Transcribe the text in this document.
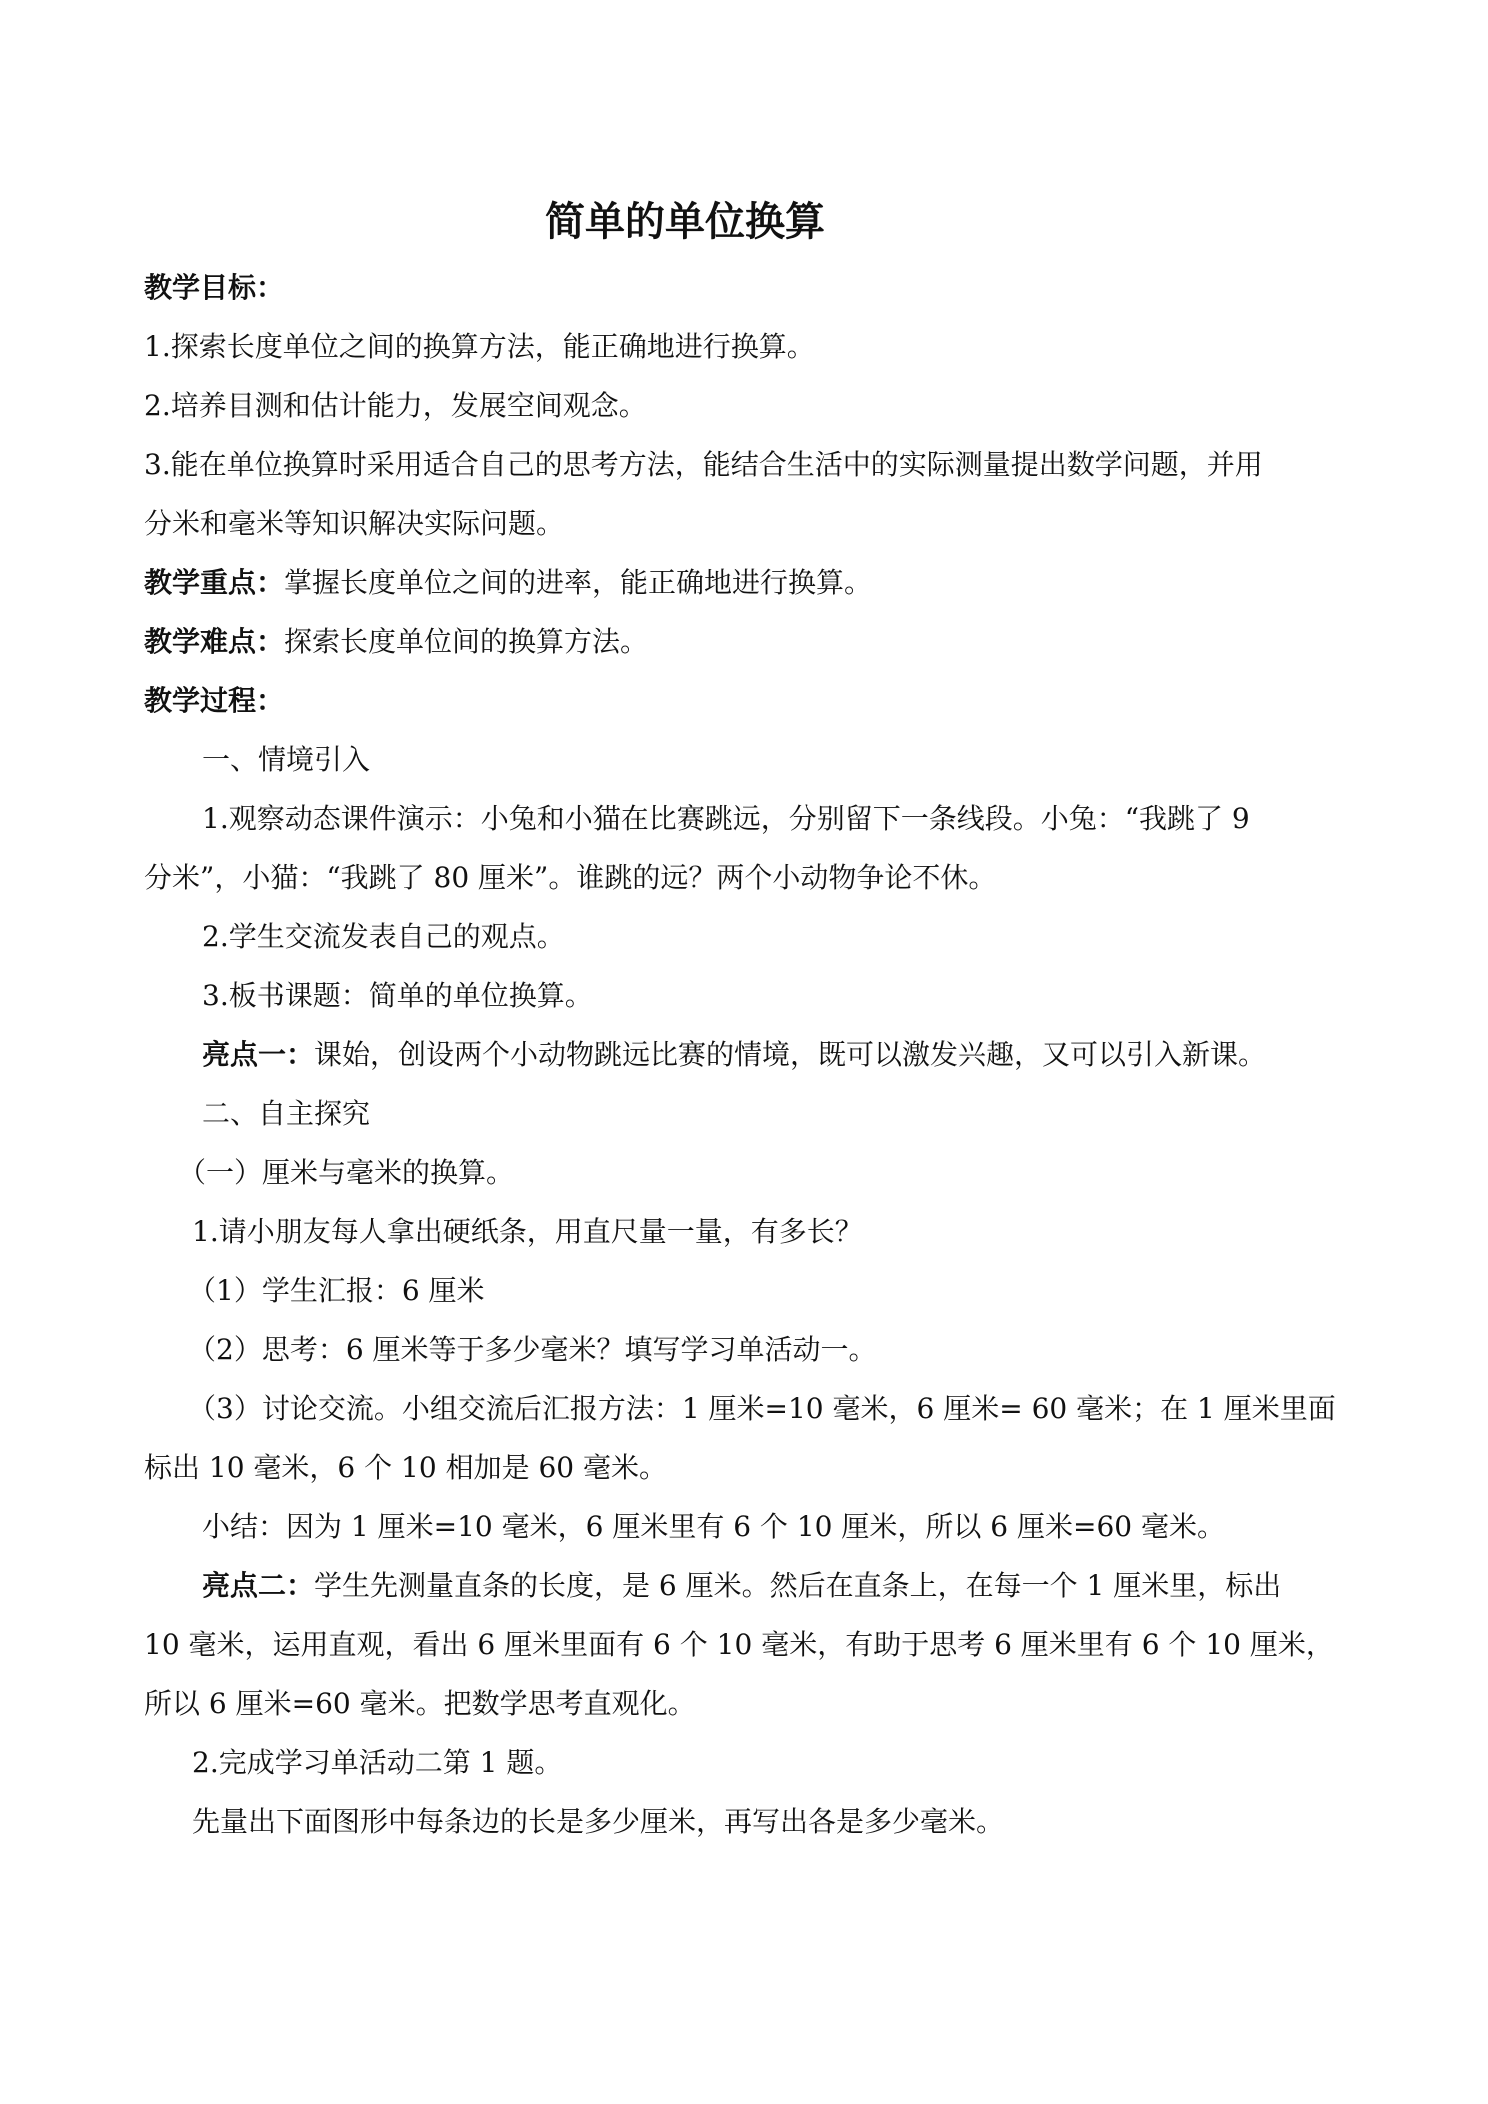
简单的单位换算
教学目标：
1.探索长度单位之间的换算方法，能正确地进行换算。
2.培养目测和估计能力，发展空间观念。
3.能在单位换算时采用适合自己的思考方法，能结合生活中的实际测量提出数学问题，并用
分米和毫米等知识解决实际问题。
教学重点：掌握长度单位之间的进率，能正确地进行换算。
教学难点：探索长度单位间的换算方法。
教学过程：
一、情境引入
1.观察动态课件演示：小兔和小猫在比赛跳远，分别留下一条线段。小兔：“我跳了 9
分米”，小猫：“我跳了 80 厘米”。谁跳的远？两个小动物争论不休。
2.学生交流发表自己的观点。
3.板书课题：简单的单位换算。
亮点一：课始，创设两个小动物跳远比赛的情境，既可以激发兴趣，又可以引入新课。
二、自主探究
（一）厘米与毫米的换算。
1.请小朋友每人拿出硬纸条，用直尺量一量，有多长？
（1）学生汇报：6 厘米
（2）思考：6 厘米等于多少毫米？填写学习单活动一。
（3）讨论交流。小组交流后汇报方法：1 厘米=10 毫米，6 厘米= 60 毫米；在 1 厘米里面
标出 10 毫米，6 个 10 相加是 60 毫米。
小结：因为 1 厘米=10 毫米，6 厘米里有 6 个 10 厘米，所以 6 厘米=60 毫米。
亮点二：学生先测量直条的长度，是 6 厘米。然后在直条上，在每一个 1 厘米里，标出
10 毫米，运用直观，看出 6 厘米里面有 6 个 10 毫米，有助于思考 6 厘米里有 6 个 10 厘米，
所以 6 厘米=60 毫米。把数学思考直观化。
2.完成学习单活动二第 1 题。
先量出下面图形中每条边的长是多少厘米，再写出各是多少毫米。
